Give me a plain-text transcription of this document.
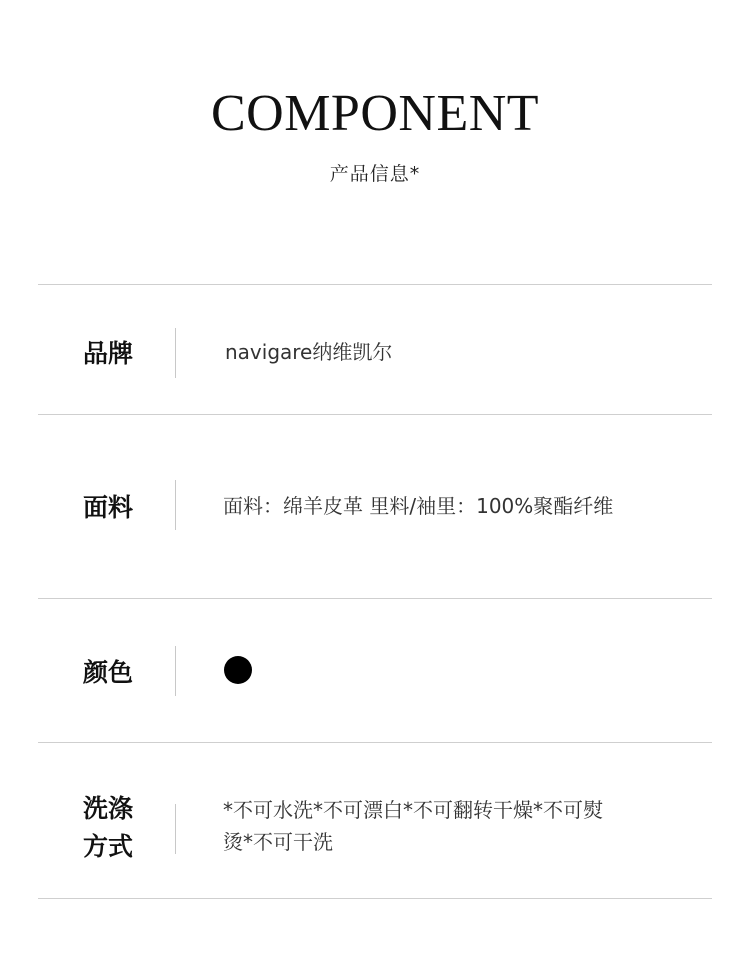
COMPONENT
产品信息*
品牌	navigare纳维凯尔
面料	面料：绵羊皮革 里料/袖里：100%聚酯纤维
颜色
洗涤
方式
*不可水洗*不可漂白*不可翻转干燥*不可熨
烫*不可干洗
